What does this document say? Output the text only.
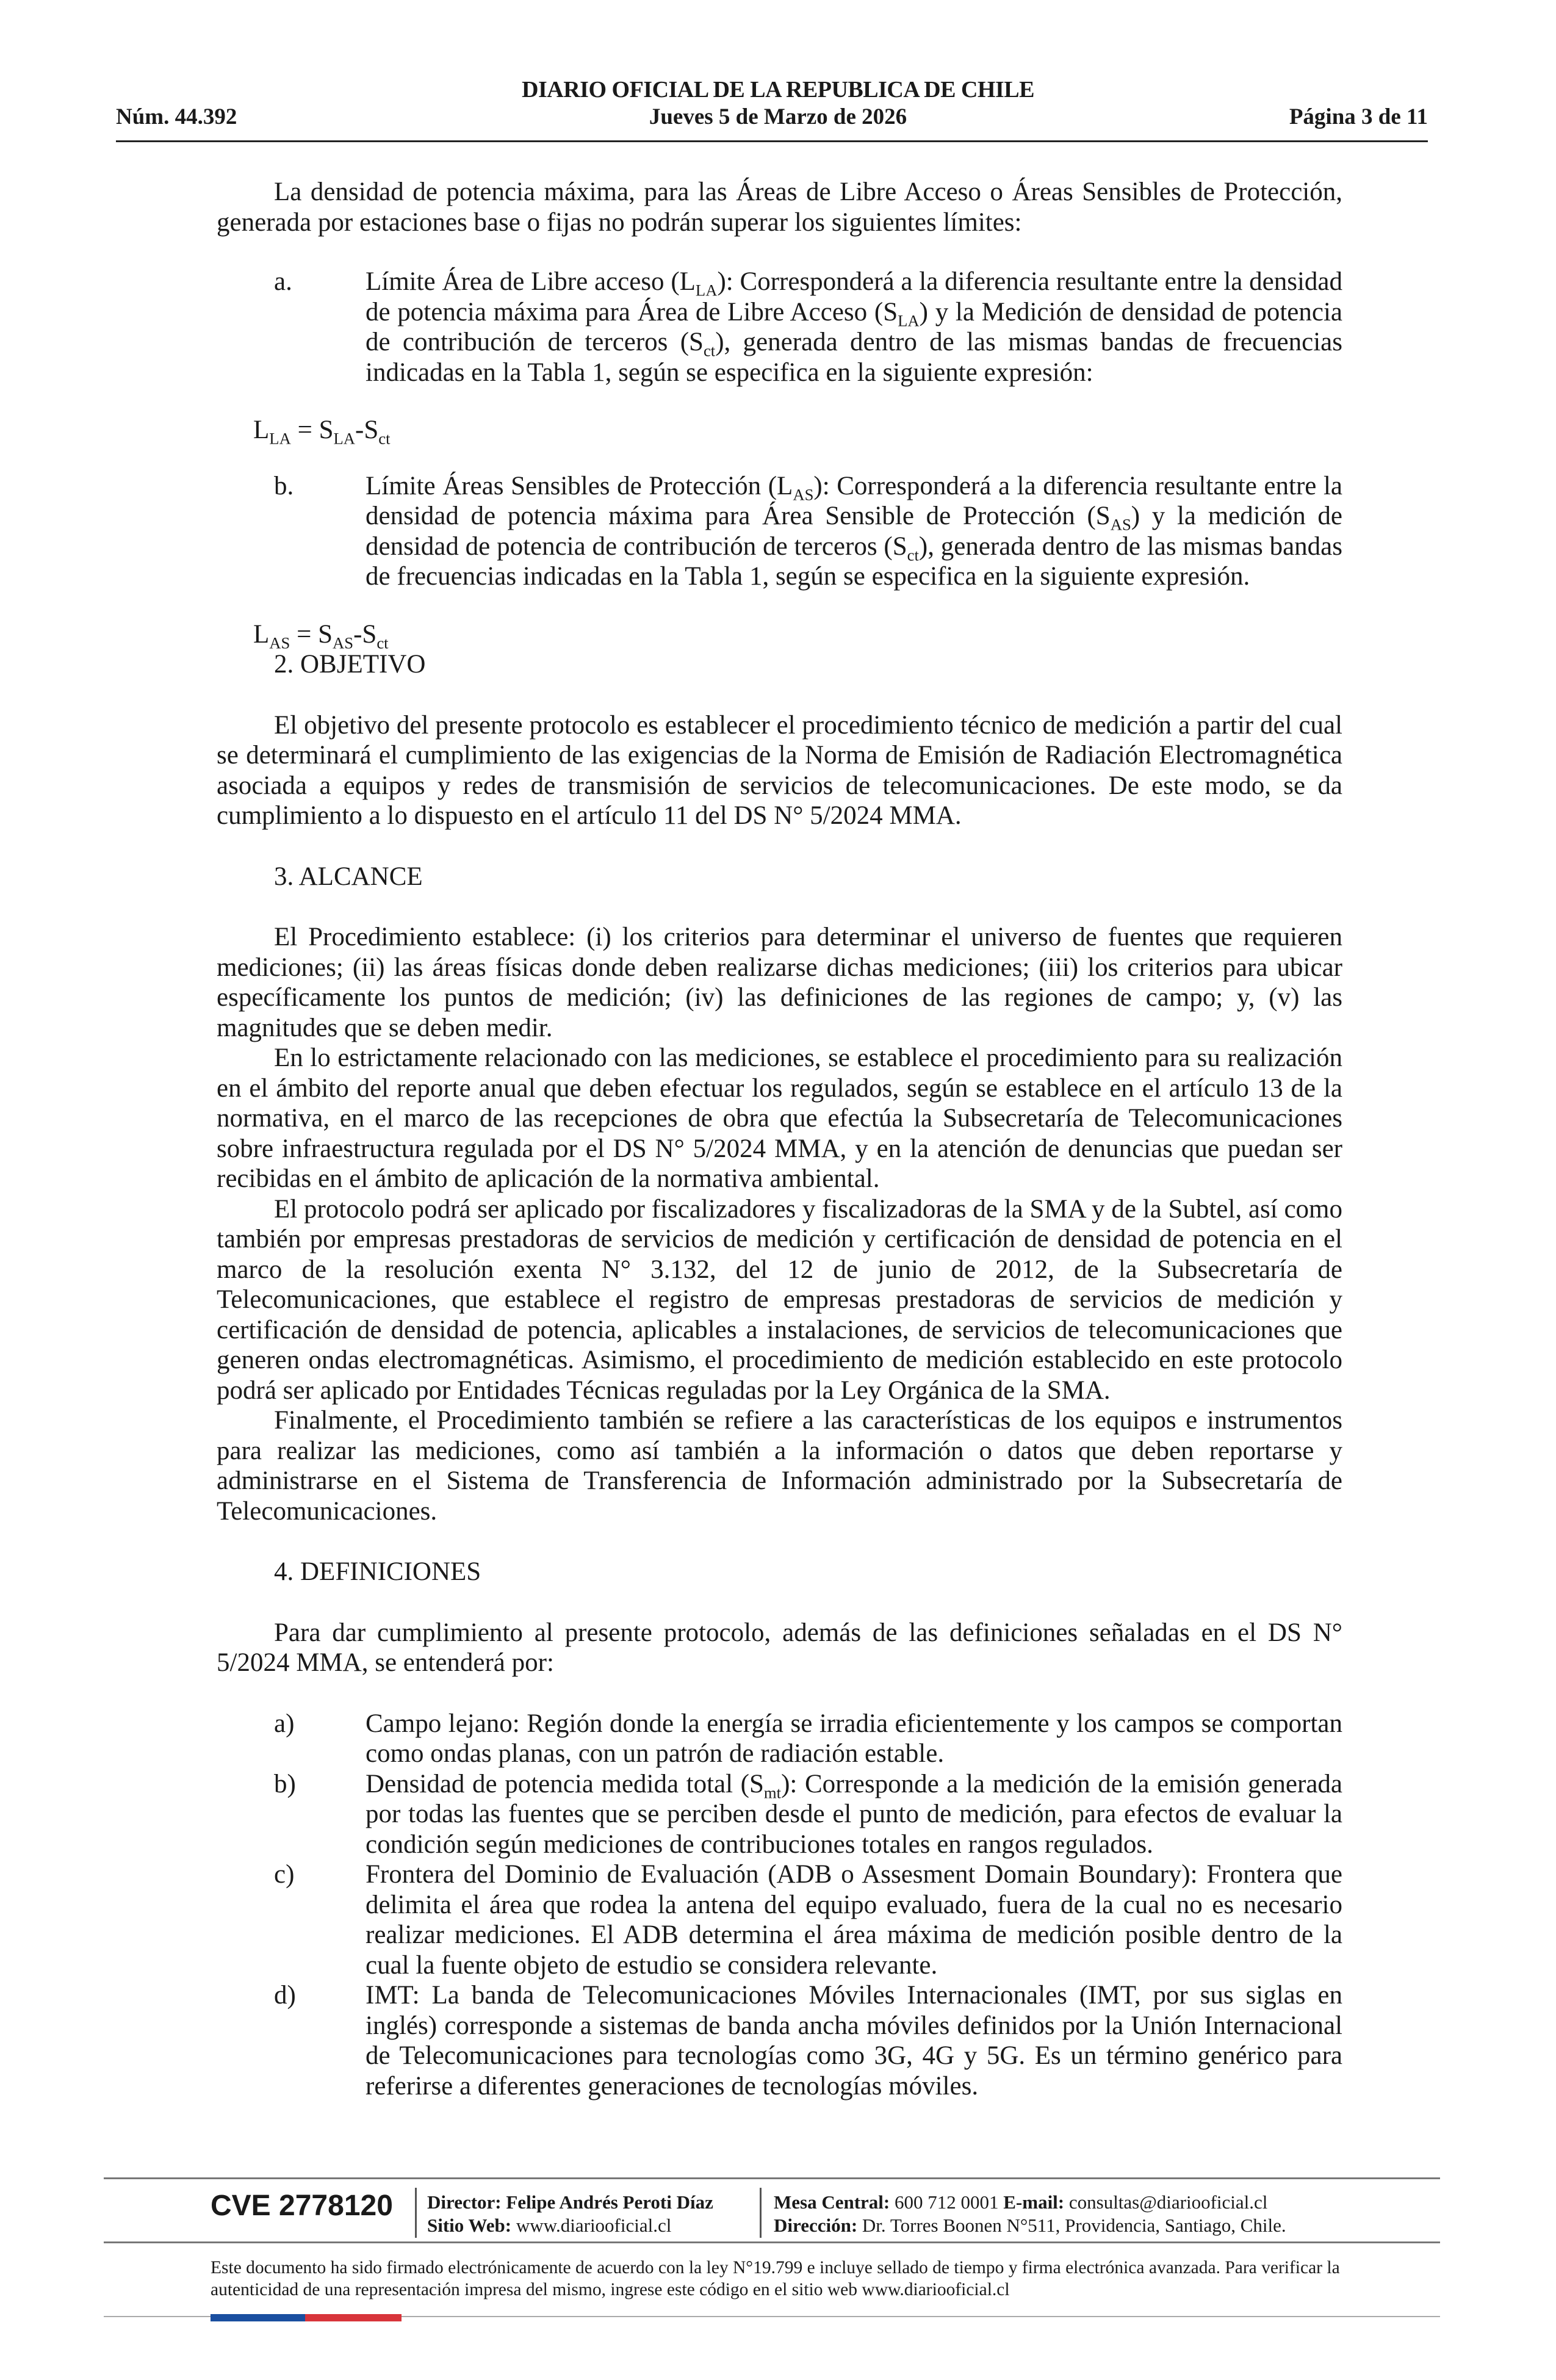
Núm. 44.392
DIARIO OFICIAL DE LA REPUBLICA DE CHILE
Jueves 5 de Marzo de 2026	Página 3 de 11

La densidad de potencia máxima, para las Áreas de Libre Acceso o Áreas Sensibles de Protección, generada por estaciones base o fijas no podrán superar los siguientes límites:

a.	Límite Área de Libre acceso $(L_{LA})$: Corresponderá a la diferencia resultante entre la densidad de potencia máxima para Área de Libre Acceso $(S_{LA})$ y la Medición de densidad de potencia de contribución de terceros $(S_{ct})$, generada dentro de las mismas bandas de frecuencias indicadas en la Tabla 1, según se especifica en la siguiente expresión:

$L_{LA} = S_{LA}-S_{ct}$

b.	Límite Áreas Sensibles de Protección $(L_{AS})$: Corresponderá a la diferencia resultante entre la densidad de potencia máxima para Área Sensible de Protección $(S_{AS})$ y la medición de densidad de potencia de contribución de terceros $(S_{ct})$, generada dentro de las mismas bandas de frecuencias indicadas en la Tabla 1, según se especifica en la siguiente expresión.

$L_{AS} = S_{AS}-S_{ct}$

2. OBJETIVO

El objetivo del presente protocolo es establecer el procedimiento técnico de medición a partir del cual se determinará el cumplimiento de las exigencias de la Norma de Emisión de Radiación Electromagnética asociada a equipos y redes de transmisión de servicios de telecomunicaciones. De este modo, se da cumplimiento a lo dispuesto en el artículo 11 del DS N° 5/2024 MMA.

3. ALCANCE

El Procedimiento establece: (i) los criterios para determinar el universo de fuentes que requieren mediciones; (ii) las áreas físicas donde deben realizarse dichas mediciones; (iii) los criterios para ubicar específicamente los puntos de medición; (iv) las definiciones de las regiones de campo; y, (v) las magnitudes que se deben medir.

En lo estrictamente relacionado con las mediciones, se establece el procedimiento para su realización en el ámbito del reporte anual que deben efectuar los regulados, según se establece en el artículo 13 de la normativa, en el marco de las recepciones de obra que efectúa la Subsecretaría de Telecomunicaciones sobre infraestructura regulada por el DS N° 5/2024 MMA, y en la atención de denuncias que puedan ser recibidas en el ámbito de aplicación de la normativa ambiental.

El protocolo podrá ser aplicado por fiscalizadores y fiscalizadoras de la SMA y de la Subtel, así como también por empresas prestadoras de servicios de medición y certificación de densidad de potencia en el marco de la resolución exenta N° 3.132, del 12 de junio de 2012, de la Subsecretaría de Telecomunicaciones, que establece el registro de empresas prestadoras de servicios de medición y certificación de densidad de potencia, aplicables a instalaciones, de servicios de telecomunicaciones que generen ondas electromagnéticas. Asimismo, el procedimiento de medición establecido en este protocolo podrá ser aplicado por Entidades Técnicas reguladas por la Ley Orgánica de la SMA.

Finalmente, el Procedimiento también se refiere a las características de los equipos e instrumentos para realizar las mediciones, como así también a la información o datos que deben reportarse y administrarse en el Sistema de Transferencia de Información administrado por la Subsecretaría de Telecomunicaciones.

4. DEFINICIONES

Para dar cumplimiento al presente protocolo, además de las definiciones señaladas en el DS N° 5/2024 MMA, se entenderá por:

a)	Campo lejano: Región donde la energía se irradia eficientemente y los campos se comportan como ondas planas, con un patrón de radiación estable.

b)	Densidad de potencia medida total $(S_{mt})$: Corresponde a la medición de la emisión generada por todas las fuentes que se perciben desde el punto de medición, para efectos de evaluar la condición según mediciones de contribuciones totales en rangos regulados.

c)	Frontera del Dominio de Evaluación (ADB o Assesment Domain Boundary): Frontera que delimita el área que rodea la antena del equipo evaluado, fuera de la cual no es necesario realizar mediciones. El ADB determina el área máxima de medición posible dentro de la cual la fuente objeto de estudio se considera relevante.

d)	IMT: La banda de Telecomunicaciones Móviles Internacionales (IMT, por sus siglas en inglés) corresponde a sistemas de banda ancha móviles definidos por la Unión Internacional de Telecomunicaciones para tecnologías como 3G, 4G y 5G. Es un término genérico para referirse a diferentes generaciones de tecnologías móviles.

CVE 2778120 Director: Felipe Andrés Peroti Díaz
Sitio Web: www.diariooficial.cl
Mesa Central: 600 712 0001 E-mail: consultas@diariooficial.cl
Dirección: Dr. Torres Boonen N°511, Providencia, Santiago, Chile.
Este documento ha sido firmado electrónicamente de acuerdo con la ley N°19.799 e incluye sellado de tiempo y firma electrónica avanzada. Para verificar la autenticidad de una representación impresa del mismo, ingrese este código en el sitio web www.diariooficial.cl
